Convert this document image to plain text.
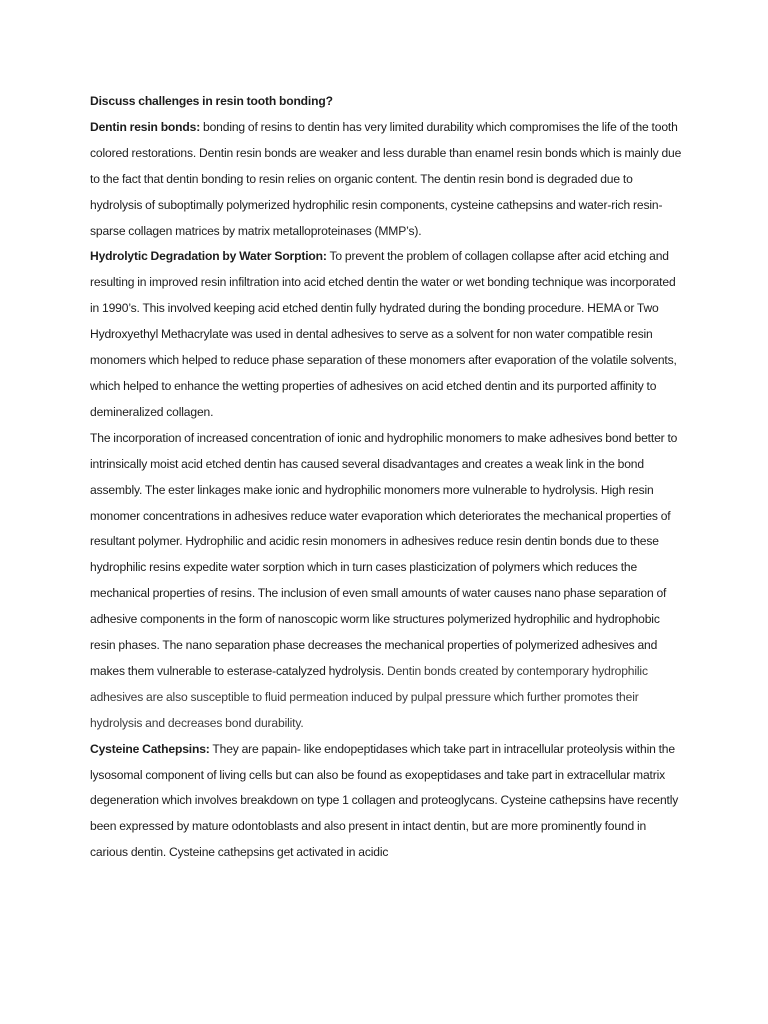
Discuss challenges in resin tooth bonding?

Dentin resin bonds: bonding of resins to dentin has very limited durability which compromises the life of the tooth colored restorations. Dentin resin bonds are weaker and less durable than enamel resin bonds which is mainly due to the fact that dentin bonding to resin relies on organic content. The dentin resin bond is degraded due to hydrolysis of suboptimally polymerized hydrophilic resin components, cysteine cathepsins and water-rich resin-sparse collagen matrices by matrix metalloproteinases (MMP’s).

Hydrolytic Degradation by Water Sorption: To prevent the problem of collagen collapse after acid etching and resulting in improved resin infiltration into acid etched dentin the water or wet bonding technique was incorporated in 1990’s. This involved keeping acid etched dentin fully hydrated during the bonding procedure. HEMA or Two Hydroxyethyl Methacrylate was used in dental adhesives to serve as a solvent for non water compatible resin monomers which helped to reduce phase separation of these monomers after evaporation of the volatile solvents, which helped to enhance the wetting properties of adhesives on acid etched dentin and its purported affinity to demineralized collagen.

The incorporation of increased concentration of ionic and hydrophilic monomers to make adhesives bond better to intrinsically moist acid etched dentin has caused several disadvantages and creates a weak link in the bond assembly. The ester linkages make ionic and hydrophilic monomers more vulnerable to hydrolysis. High resin monomer concentrations in adhesives reduce water evaporation which deteriorates the mechanical properties of resultant polymer. Hydrophilic and acidic resin monomers in adhesives reduce resin dentin bonds due to these hydrophilic resins expedite water sorption which in turn cases plasticization of polymers which reduces the mechanical properties of resins. The inclusion of even small amounts of water causes nano phase separation of adhesive components in the form of nanoscopic worm like structures polymerized hydrophilic and hydrophobic resin phases. The nano separation phase decreases the mechanical properties of polymerized adhesives and makes them vulnerable to esterase-catalyzed hydrolysis. Dentin bonds created by contemporary hydrophilic adhesives are also susceptible to fluid permeation induced by pulpal pressure which further promotes their hydrolysis and decreases bond durability.

Cysteine Cathepsins: They are papain- like endopeptidases which take part in intracellular proteolysis within the lysosomal component of living cells but can also be found as exopeptidases and take part in extracellular matrix degeneration which involves breakdown on type 1 collagen and proteoglycans. Cysteine cathepsins have recently been expressed by mature odontoblasts and also present in intact dentin, but are more prominently found in carious dentin. Cysteine cathepsins get activated in acidic
